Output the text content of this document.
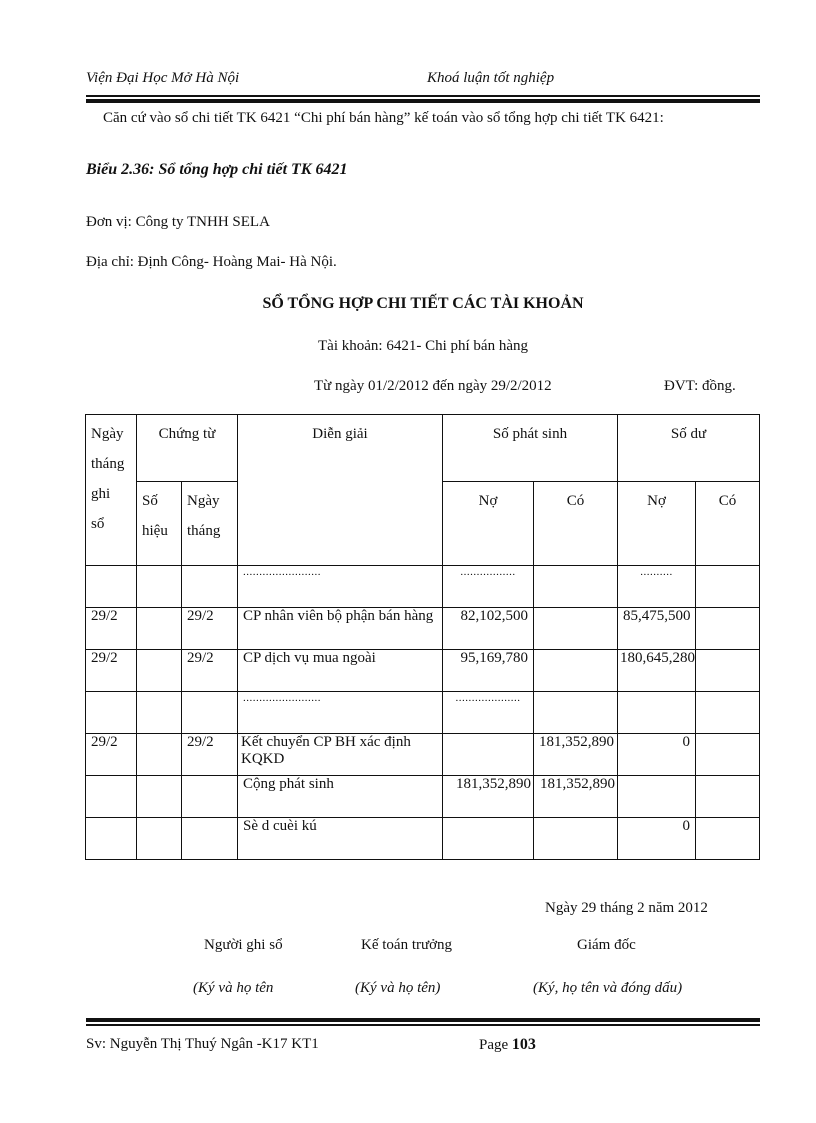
Viện Đại Học Mở Hà Nội	Khoá luận tốt nghiệp
Căn cứ vào sổ chi tiết TK 6421 “Chi phí bán hàng” kế toán vào sổ tổng hợp chi tiết TK 6421:
Biểu 2.36: Sổ tổng hợp chi tiết TK 6421
Đơn vị: Công ty TNHH SELA
Địa chỉ: Định Công- Hoàng Mai- Hà Nội.
SỔ TỔNG HỢP CHI TIẾT CÁC TÀI KHOẢN
Tài khoản: 6421- Chi phí bán hàng
Từ ngày 01/2/2012 đến ngày 29/2/2012	ĐVT: đồng.
Ngày tháng ghi sổ	Chứng từ		Diễn giải	Số phát sinh		Số dư	
	Số hiệu	Ngày tháng		Nợ	Có	Nợ	Có
			........................	.................		..........	
29/2		29/2	CP nhân viên bộ phận bán hàng	82,102,500		85,475,500	
29/2		29/2	CP dịch vụ mua ngoài	95,169,780		180,645,280	
			........................	....................			
29/2		29/2	Kết chuyển CP BH xác định KQKD		181,352,890	0	
			Cộng phát sinh	181,352,890	181,352,890		
			Sè d cuèi kú			0	
Ngày 29 tháng 2 năm 2012
Người ghi sổ	Kế toán trưởng	Giám đốc
(Ký và họ tên	(Ký và họ tên)	(Ký, họ tên và đóng dấu)
Sv: Nguyễn Thị Thuý Ngân -K17 KT1	Page 103
